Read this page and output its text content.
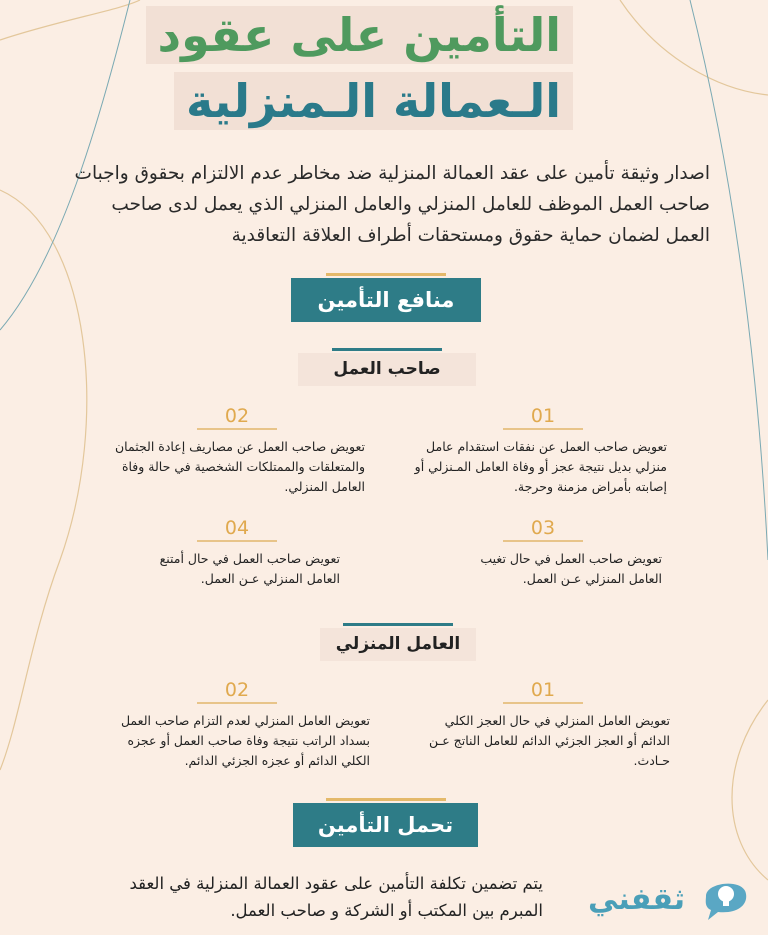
التأمين على عقود
الـعمالة الـمنزلية
اصدار وثيقة تأمين على عقد العمالة المنزلية ضد مخاطر عدم الالتزام بحقوق واجبات صاحب العمل الموظف للعامل المنزلي والعامل المنزلي الذي يعمل لدى صاحب العمل لضمان حماية حقوق ومستحقات أطراف العلاقة التعاقدية
منافع التأمين
صاحب العمل
01
تعويض صاحب العمل عن نفقات استقدام عامل منزلي بديل نتيجة عجز أو وفاة العامل المـنزلي أو إصابته بأمراض مزمنة وحرجة.
02
تعويض صاحب العمل عن مصاريف إعادة الجثمان والمتعلقات والممتلكات الشخصية في حالة وفاة العامل المنزلي.
03
تعويض صاحب العمل في حال تغيب العامل المنزلي عـن العمل.
04
تعويض صاحب العمل في حال أمتنع العامل المنزلي عـن العمل.
العامل المنزلي
01
تعويض العامل المنزلي في حال العجز الكلي الدائم أو العجز الجزئي الدائم للعامل الناتج عـن حـادث.
02
تعويض العامل المنزلي لعدم التزام صاحب العمل بسداد الراتب نتيجة وفاة صاحب العمل أو عجزه الكلي الدائم أو عجزه الجزئي الدائم.
تحمل التأمين
يتم تضمين تكلفة التأمين على عقود العمالة المنزلية في العقد المبرم بين المكتب أو الشركة و صاحب العمل. ثقفني
